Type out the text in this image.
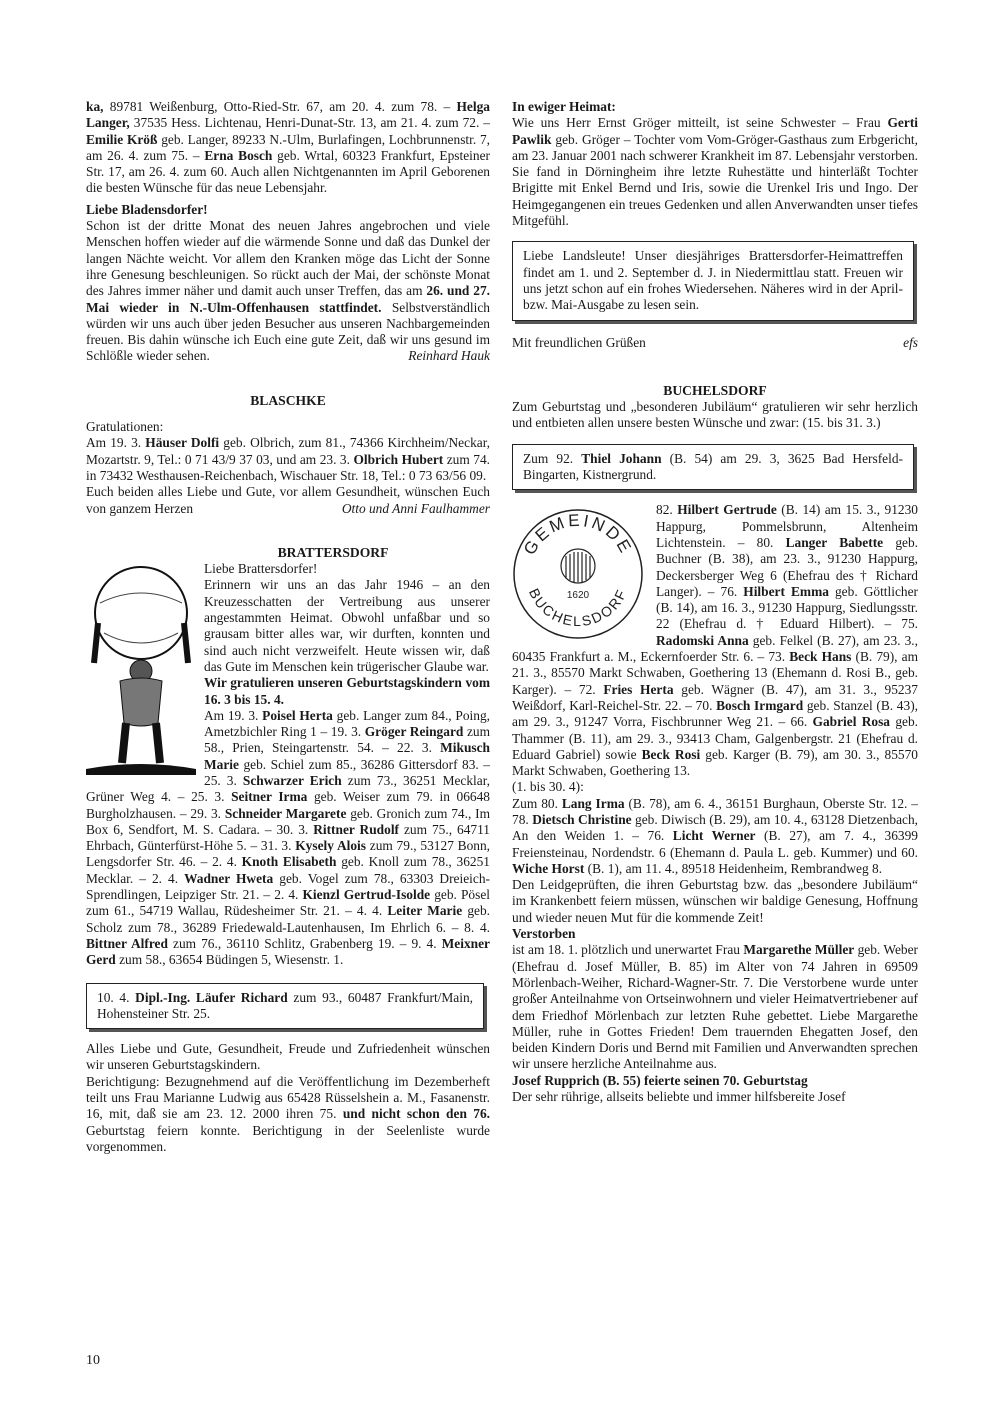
ka, 89781 Weißenburg, Otto-Ried-Str. 67, am 20. 4. zum 78. – Helga Langer, 37535 Hess. Lichtenau, Henri-Dunat-Str. 13, am 21. 4. zum 72. – Emilie Kröß geb. Langer, 89233 N.-Ulm, Burlafingen, Lochbrunnenstr. 7, am 26. 4. zum 75. – Erna Bosch geb. Wrtal, 60323 Frankfurt, Epsteiner Str. 17, am 26. 4. zum 60. Auch allen Nichtgenannten im April Geborenen die besten Wünsche für das neue Lebensjahr.

Liebe Bladensdorfer!

Schon ist der dritte Monat des neuen Jahres angebrochen und viele Menschen hoffen wieder auf die wärmende Sonne und daß das Dunkel der langen Nächte weicht. Vor allem den Kranken möge das Licht der Sonne ihre Genesung beschleunigen. So rückt auch der Mai, der schönste Monat des Jahres immer näher und damit auch unser Treffen, das am 26. und 27. Mai wieder in N.-Ulm-Offenhausen stattfindet. Selbstverständlich würden wir uns auch über jeden Besucher aus unseren Nachbargemeinden freuen. Bis dahin wünsche ich Euch eine gute Zeit, daß wir uns gesund im Schlößle wieder sehen.	Reinhard Hauk

BLASCHKE

Gratulationen:

Am 19. 3. Häuser Dolfi geb. Olbrich, zum 81., 74366 Kirchheim/Neckar, Mozartstr. 9, Tel.: 0 71 43/9 37 03, und am 23. 3. Olbrich Hubert zum 74. in 73432 Westhausen-Reichenbach, Wischauer Str. 18, Tel.: 0 73 63/56 09.

Euch beiden alles Liebe und Gute, vor allem Gesundheit, wünschen Euch von ganzem Herzen	Otto und Anni Faulhammer

BRATTERSDORF

Liebe Brattersdorfer!

Erinnern wir uns an das Jahr 1946 – an den Kreuzesschatten der Vertreibung aus unserer angestammten Heimat. Obwohl unfaßbar und so grausam bitter alles war, wir durften, konnten und sind auch nicht verzweifelt. Heute wissen wir, daß das Gute im Menschen kein trügerischer Glaube war.

Wir gratulieren unseren Geburtstagskindern vom 16. 3 bis 15. 4.

Am 19. 3. Poisel Herta geb. Langer zum 84., Poing, Ametzbichler Ring 1 – 19. 3. Gröger Reingard zum 58., Prien, Steingartenstr. 54. – 22. 3. Mikusch Marie geb. Schiel zum 85., 36286 Gittersdorf 83. – 25. 3. Schwarzer Erich zum 73., 36251 Mecklar, Grüner Weg 4. – 25. 3. Seitner Irma geb. Weiser zum 79. in 06648 Burgholzhausen. – 29. 3. Schneider Margarete geb. Gronich zum 74., Im Box 6, Sendfort, M. S. Cadara. – 30. 3. Rittner Rudolf zum 75., 64711 Ehrbach, Günterfürst-Höhe 5. – 31. 3. Kysely Alois zum 79., 53127 Bonn, Lengsdorfer Str. 46. – 2. 4. Knoth Elisabeth geb. Knoll zum 78., 36251 Mecklar. – 2. 4. Wadner Hweta geb. Vogel zum 78., 63303 Dreieich-Sprendlingen, Leipziger Str. 21. – 2. 4. Kienzl Gertrud-Isolde geb. Pösel zum 61., 54719 Wallau, Rüdesheimer Str. 21. – 4. 4. Leiter Marie geb. Scholz zum 78., 36289 Friedewald-Lautenhausen, Im Ehrlich 6. – 8. 4. Bittner Alfred zum 76., 36110 Schlitz, Grabenberg 19. – 9. 4. Meixner Gerd zum 58., 63654 Büdingen 5, Wiesenstr. 1.

10. 4. Dipl.-Ing. Läufer Richard zum 93., 60487 Frankfurt/Main, Hohensteiner Str. 25.

Alles Liebe und Gute, Gesundheit, Freude und Zufriedenheit wünschen wir unseren Geburtstagskindern.

Berichtigung: Bezugnehmend auf die Veröffentlichung im Dezemberheft teilt uns Frau Marianne Ludwig aus 65428 Rüsselshein a. M., Fasanenstr. 16, mit, daß sie am 23. 12. 2000 ihren 75. und nicht schon den 76. Geburtstag feiern konnte. Berichtigung in der Seelenliste wurde vorgenommen.

In ewiger Heimat:

Wie uns Herr Ernst Gröger mitteilt, ist seine Schwester – Frau Gerti Pawlik geb. Gröger – Tochter vom Vom-Gröger-Gasthaus zum Erbgericht, am 23. Januar 2001 nach schwerer Krankheit im 87. Lebensjahr verstorben. Sie fand in Dörningheim ihre letzte Ruhestätte und hinterläßt Tochter Brigitte mit Enkel Bernd und Iris, sowie die Urenkel Iris und Ingo. Der Heimgegangenen ein treues Gedenken und allen Anverwandten unser tiefes Mitgefühl.

Liebe Landsleute! Unser diesjähriges Brattersdorfer-Heimattreffen findet am 1. und 2. September d. J. in Niedermittlau statt. Freuen wir uns jetzt schon auf ein frohes Wiedersehen. Näheres wird in der April- bzw. Mai-Ausgabe zu lesen sein.

Mit freundlichen Grüßen	efs

BUCHELSDORF

Zum Geburtstag und „besonderen Jubiläum“ gratulieren wir sehr herzlich und entbieten allen unsere besten Wünsche und zwar: (15. bis 31. 3.)

Zum 92. Thiel Johann (B. 54) am 29. 3, 3625 Bad Hersfeld-Bingarten, Kistnergrund.
GEMEINDE
BUCHELSDORF
1620

82. Hilbert Gertrude (B. 14) am 15. 3., 91230 Happurg, Pommelsbrunn, Altenheim Lichtenstein. – 80. Langer Babette geb. Buchner (B. 38), am 23. 3., 91230 Happurg, Deckersberger Weg 6 (Ehefrau des † Richard Langer). – 76. Hilbert Emma geb. Göttlicher (B. 14), am 16. 3., 91230 Happurg, Siedlungsstr. 22 (Ehefrau d. † Eduard Hilbert). – 75. Radomski Anna geb. Felkel (B. 27), am 23. 3., 60435 Frankfurt a. M., Eckernfoerder Str. 6. – 73. Beck Hans (B. 79), am 21. 3., 85570 Markt Schwaben, Goethering 13 (Ehemann d. Rosi B., geb. Karger). – 72. Fries Herta geb. Wägner (B. 47), am 31. 3., 95237 Weißdorf, Karl-Reichel-Str. 22. – 70. Bosch Irmgard geb. Stanzel (B. 43), am 29. 3., 91247 Vorra, Fischbrunner Weg 21. – 66. Gabriel Rosa geb. Thammer (B. 11), am 29. 3., 93413 Cham, Galgenbergstr. 21 (Ehefrau d. Eduard Gabriel) sowie Beck Rosi geb. Karger (B. 79), am 30. 3., 85570 Markt Schwaben, Goethering 13.

(1. bis 30. 4):

Zum 80. Lang Irma (B. 78), am 6. 4., 36151 Burghaun, Oberste Str. 12. – 78. Dietsch Christine geb. Diwisch (B. 29), am 10. 4., 63128 Dietzenbach, An den Weiden 1. – 76. Licht Werner (B. 27), am 7. 4., 36399 Freiensteinau, Nordendstr. 6 (Ehemann d. Paula L. geb. Kummer) und 60. Wiche Horst (B. 1), am 11. 4., 89518 Heidenheim, Rembrandweg 8.

Den Leidgeprüften, die ihren Geburtstag bzw. das „besondere Jubiläum“ im Krankenbett feiern müssen, wünschen wir baldige Genesung, Hoffnung und wieder neuen Mut für die kommende Zeit!

Verstorben

ist am 18. 1. plötzlich und unerwartet Frau Margarethe Müller geb. Weber (Ehefrau d. Josef Müller, B. 85) im Alter von 74 Jahren in 69509 Mörlenbach-Weiher, Richard-Wagner-Str. 7. Die Verstorbene wurde unter großer Anteilnahme von Ortseinwohnern und vieler Heimatvertriebener auf dem Friedhof Mörlenbach zur letzten Ruhe gebettet. Liebe Margarethe Müller, ruhe in Gottes Frieden! Dem trauernden Ehegatten Josef, den beiden Kindern Doris und Bernd mit Familien und Anverwandten sprechen wir unsere herzliche Anteilnahme aus.

Josef Rupprich (B. 55) feierte seinen 70. Geburtstag

Der sehr rührige, allseits beliebte und immer hilfsbereite Josef

10
